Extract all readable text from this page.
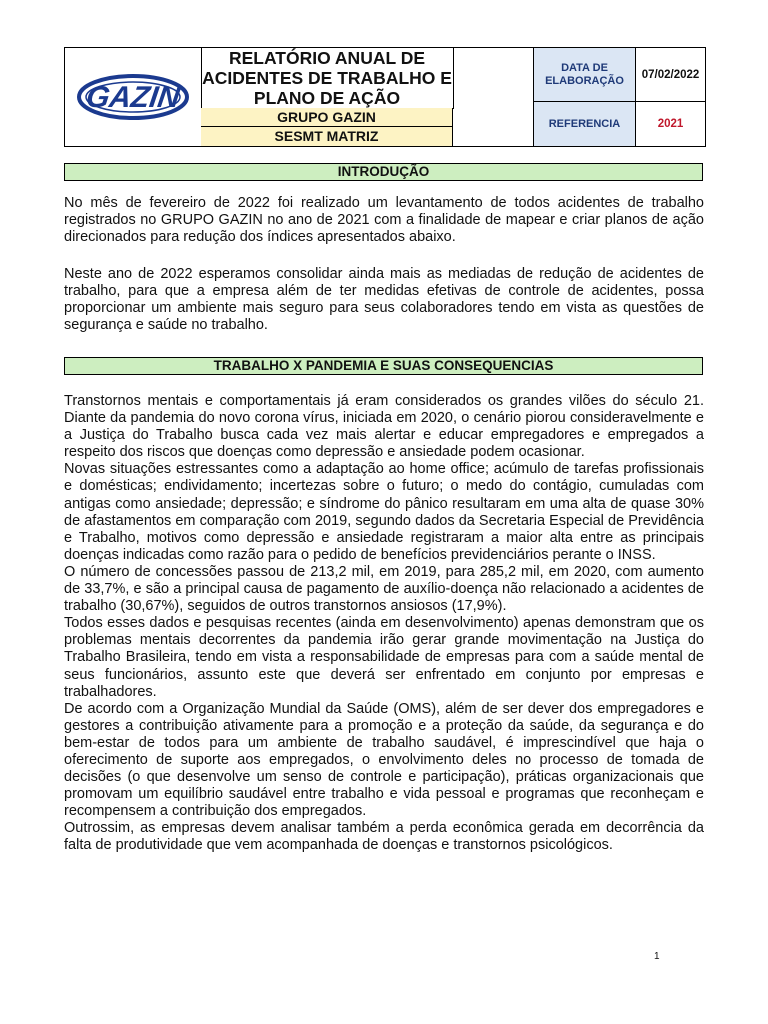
GAZIN
RELATÓRIO ANUAL DE ACIDENTES DE TRABALHO E PLANO DE AÇÃO
GRUPO GAZIN
SESMT MATRIZ
DATA DE ELABORAÇÃO	07/02/2022
REFERENCIA	2021
INTRODUÇÃO

No mês de fevereiro de 2022 foi realizado um levantamento de todos acidentes de trabalho registrados no GRUPO GAZIN no ano de 2021 com a finalidade de mapear e criar planos de ação direcionados para redução dos índices apresentados abaixo.

Neste ano de 2022 esperamos consolidar ainda mais as mediadas de redução de acidentes de trabalho, para que a empresa além de ter medidas efetivas de controle de acidentes, possa proporcionar um ambiente mais seguro para seus colaboradores tendo em vista as questões de segurança e saúde no trabalho.

TRABALHO X PANDEMIA E SUAS CONSEQUENCIAS

Transtornos mentais e comportamentais já eram considerados os grandes vilões do século 21. Diante da pandemia do novo corona vírus, iniciada em 2020, o cenário piorou consideravelmente e a Justiça do Trabalho busca cada vez mais alertar e educar empregadores e empregados a respeito dos riscos que doenças como depressão e ansiedade podem ocasionar.

Novas situações estressantes como a adaptação ao home office; acúmulo de tarefas profissionais e domésticas; endividamento; incertezas sobre o futuro; o medo do contágio, cumuladas com antigas como ansiedade; depressão; e síndrome do pânico resultaram em uma alta de quase 30% de afastamentos em comparação com 2019, segundo dados da Secretaria Especial de Previdência e Trabalho, motivos como depressão e ansiedade registraram a maior alta entre as principais doenças indicadas como razão para o pedido de benefícios previdenciários perante o INSS.

O número de concessões passou de 213,2 mil, em 2019, para 285,2 mil, em 2020, com aumento de 33,7%, e são a principal causa de pagamento de auxílio-doença não relacionado a acidentes de trabalho (30,67%), seguidos de outros transtornos ansiosos (17,9%).

Todos esses dados e pesquisas recentes (ainda em desenvolvimento) apenas demonstram que os problemas mentais decorrentes da pandemia irão gerar grande movimentação na Justiça do Trabalho Brasileira, tendo em vista a responsabilidade de empresas para com a saúde mental de seus funcionários, assunto este que deverá ser enfrentado em conjunto por empresas e trabalhadores.

De acordo com a Organização Mundial da Saúde (OMS), além de ser dever dos empregadores e gestores a contribuição ativamente para a promoção e a proteção da saúde, da segurança e do bem-estar de todos para um ambiente de trabalho saudável, é imprescindível que haja o oferecimento de suporte aos empregados, o envolvimento deles no processo de tomada de decisões (o que desenvolve um senso de controle e participação), práticas organizacionais que promovam um equilíbrio saudável entre trabalho e vida pessoal e programas que reconheçam e recompensem a contribuição dos empregados.

Outrossim, as empresas devem analisar também a perda econômica gerada em decorrência da falta de produtividade que vem acompanhada de doenças e transtornos psicológicos.

1
